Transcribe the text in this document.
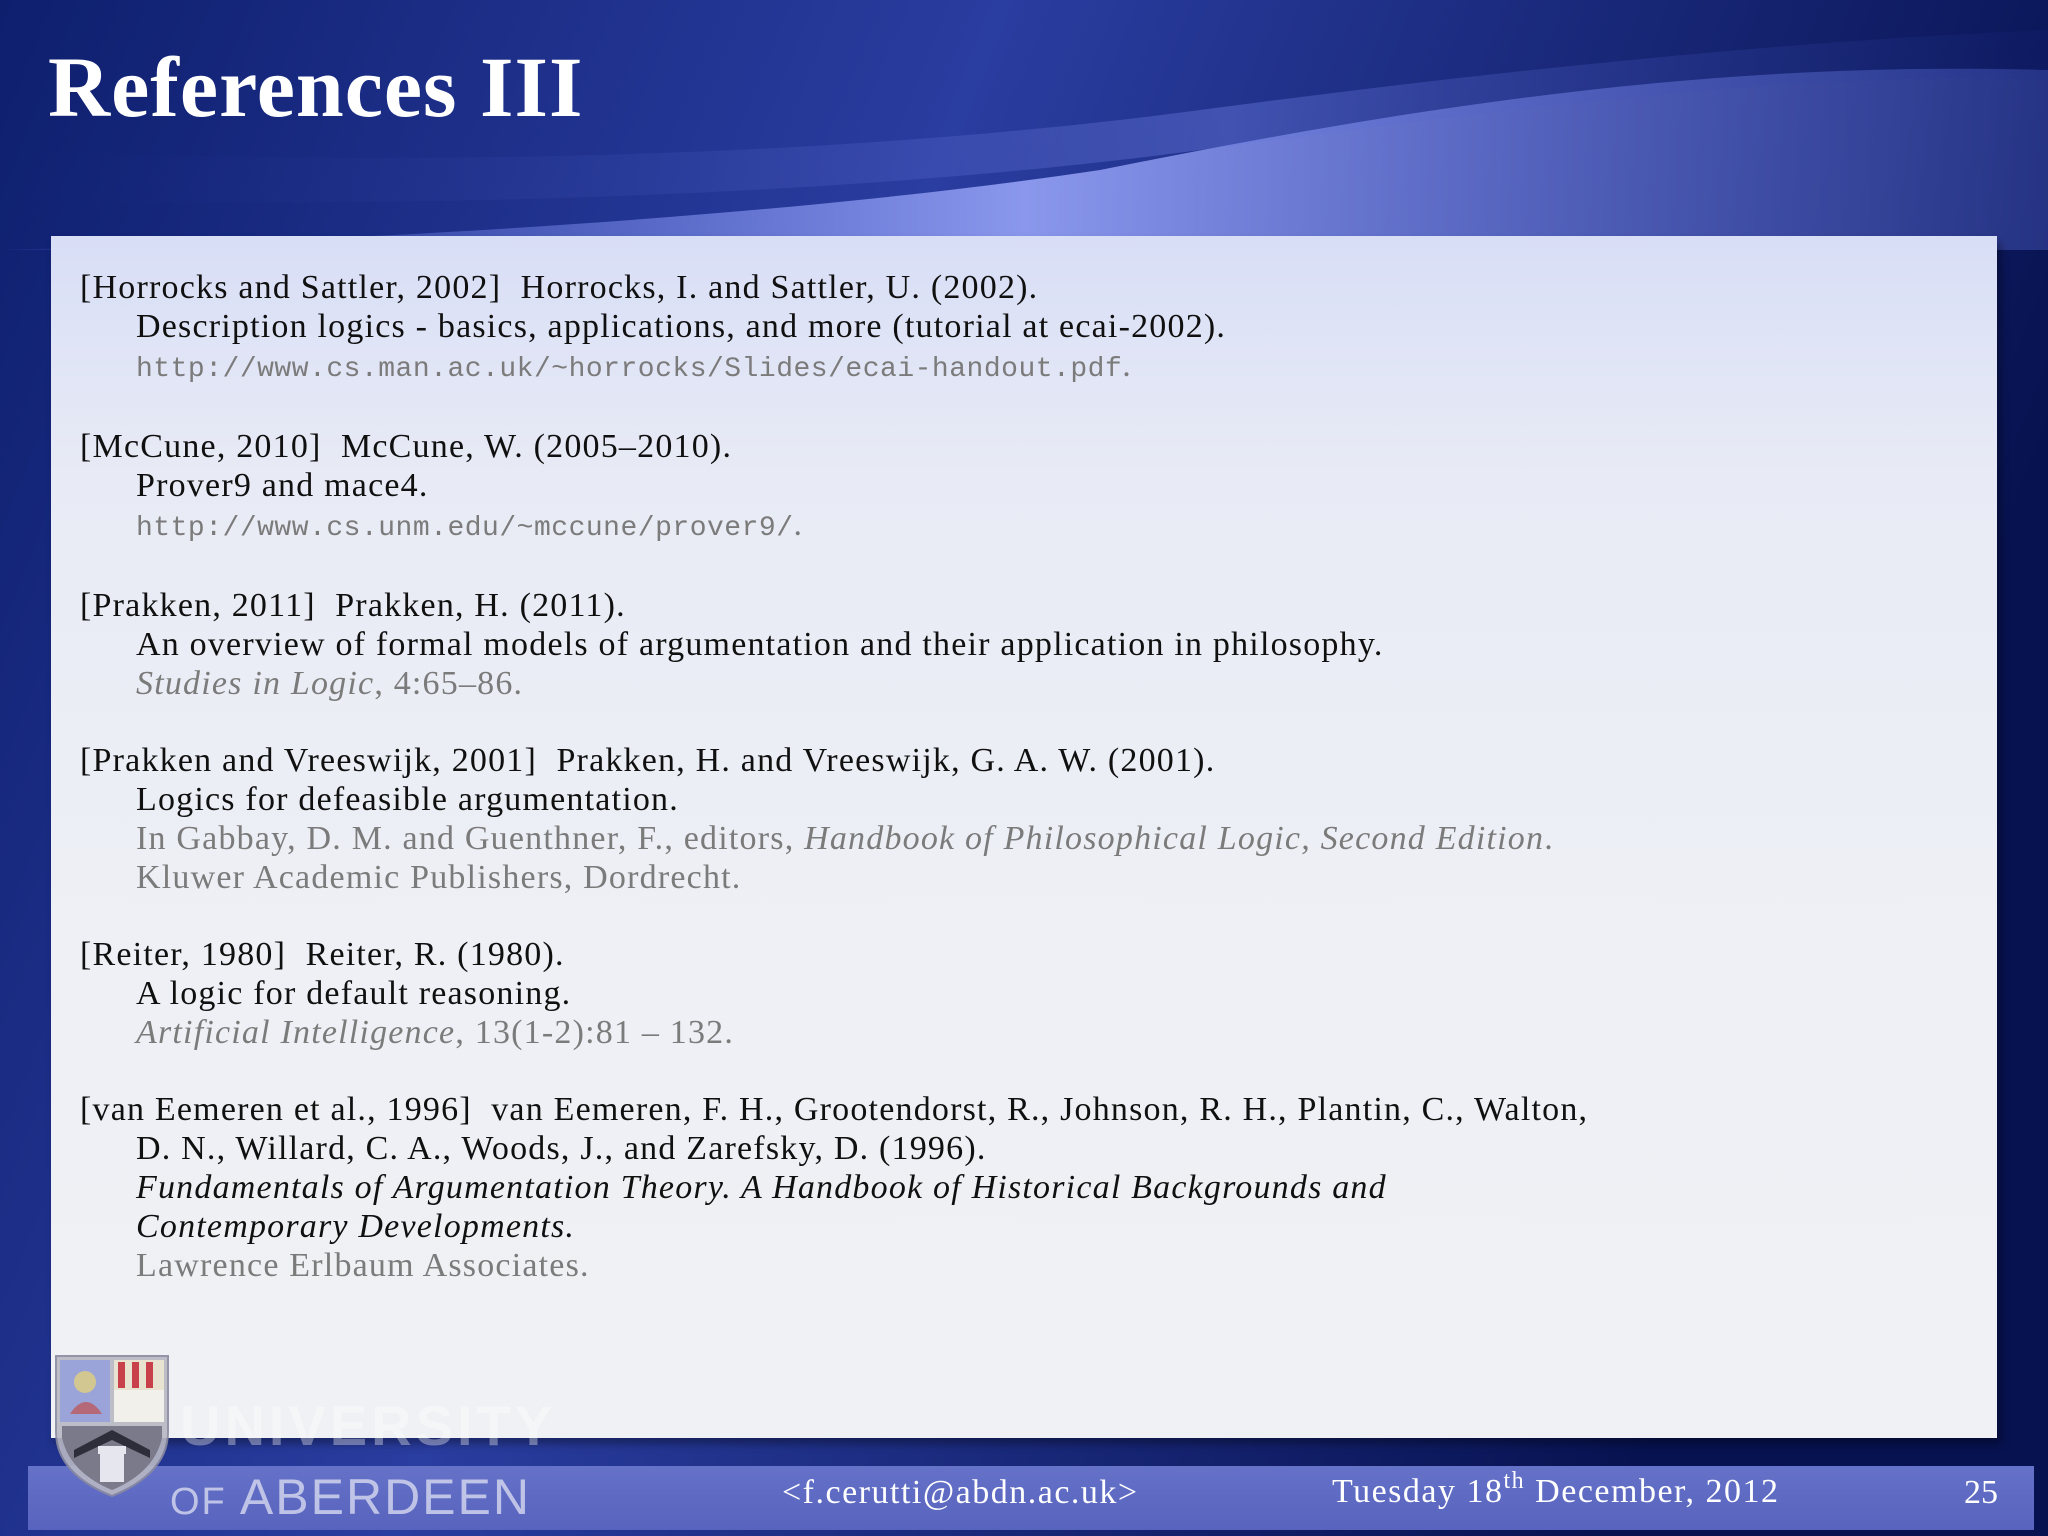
References III
[Horrocks and Sattler, 2002] Horrocks, I. and Sattler, U. (2002).
Description logics - basics, applications, and more (tutorial at ecai-2002).
http://www.cs.man.ac.uk/~horrocks/Slides/ecai-handout.pdf.
[McCune, 2010] McCune, W. (2005–2010).
Prover9 and mace4.
http://www.cs.unm.edu/~mccune/prover9/.
[Prakken, 2011] Prakken, H. (2011).
An overview of formal models of argumentation and their application in philosophy.
Studies in Logic, 4:65–86.
[Prakken and Vreeswijk, 2001] Prakken, H. and Vreeswijk, G. A. W. (2001).
Logics for defeasible argumentation.
In Gabbay, D. M. and Guenthner, F., editors, Handbook of Philosophical Logic, Second Edition.
Kluwer Academic Publishers, Dordrecht.
[Reiter, 1980] Reiter, R. (1980).
A logic for default reasoning.
Artificial Intelligence, 13(1-2):81 – 132.
[van Eemeren et al., 1996] van Eemeren, F. H., Grootendorst, R., Johnson, R. H., Plantin, C., Walton,
D. N., Willard, C. A., Woods, J., and Zarefsky, D. (1996).
Fundamentals of Argumentation Theory. A Handbook of Historical Backgrounds and
Contemporary Developments.
Lawrence Erlbaum Associates.
UNIVERSITY
OF ABERDEEN	<f.cerutti@abdn.ac.uk>	Tuesday 18th December, 2012	25
